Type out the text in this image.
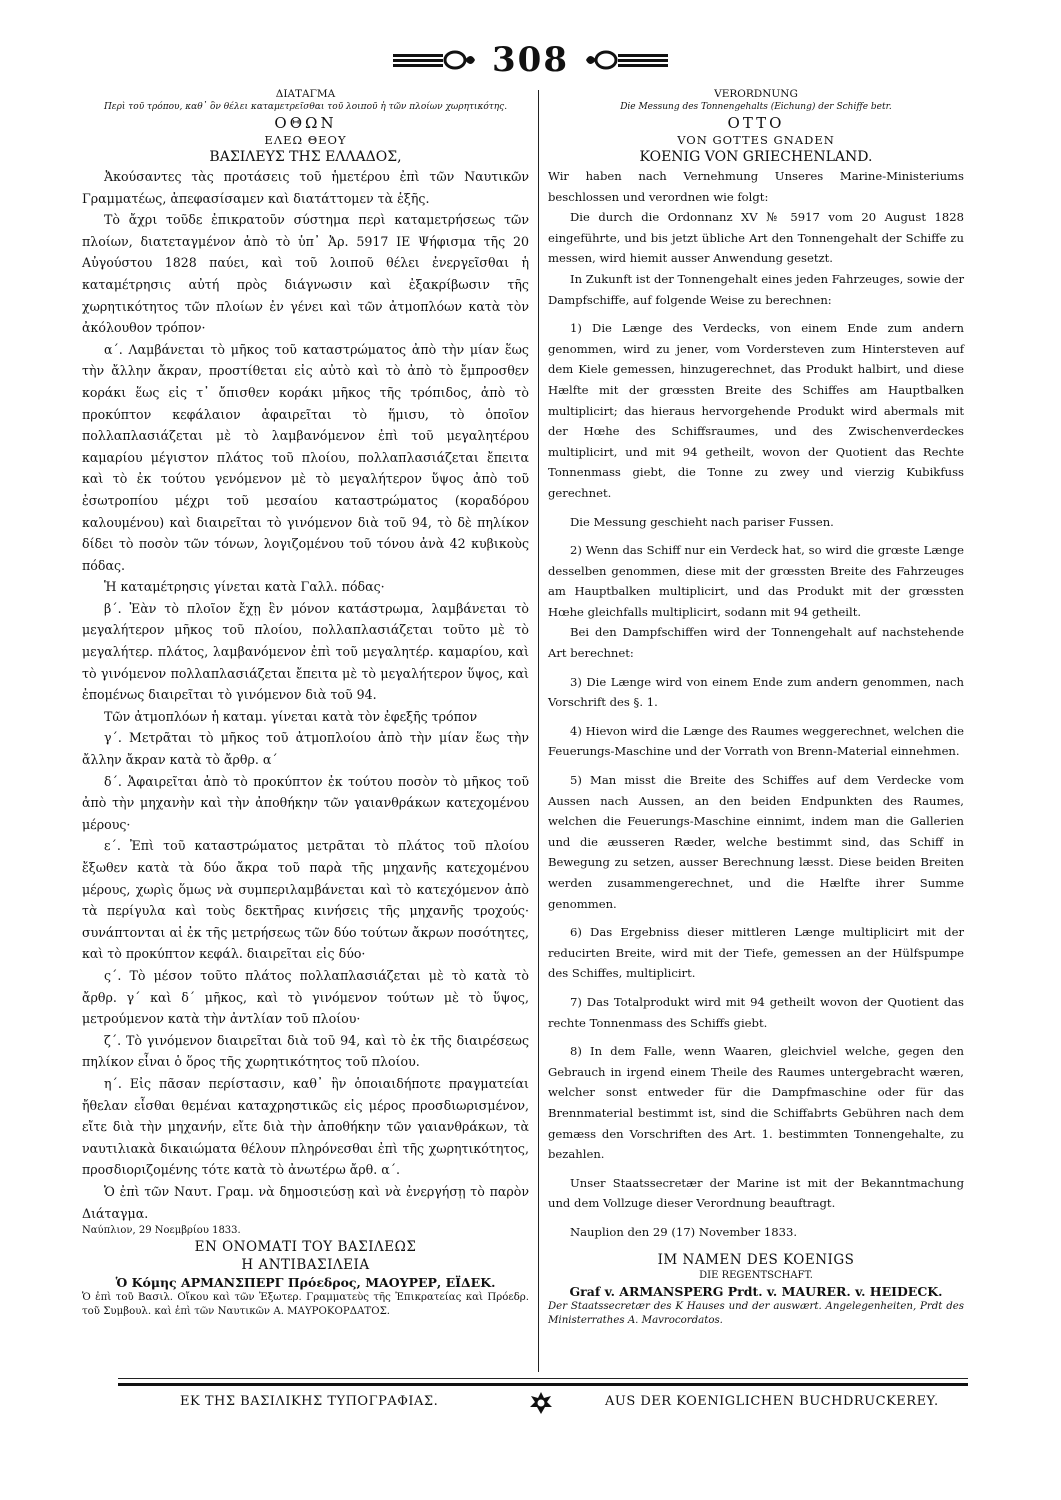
308

ΔΙΑΤΑΓΜΑ

Περὶ τοῦ τρόπου, καθ᾽ ὃν θέλει καταμετρεῖσθαι τοῦ λοιποῦ ἡ τῶν πλοίων χωρητικότης.

ΟΘΩΝ

ΕΛΕΩ ΘΕΟΥ

ΒΑΣΙΛΕΥΣ ΤΗΣ ΕΛΛΑΔΟΣ,

Ἀκούσαντες τὰς προτάσεις τοῦ ἡμετέρου ἐπὶ τῶν Ναυτικῶν Γραμματέως, ἀπεφασίσαμεν καὶ διατάττομεν τὰ ἑξῆς.

Τὸ ἄχρι τοῦδε ἐπικρατοῦν σύστημα περὶ καταμετρήσεως τῶν πλοίων, διατεταγμένον ἀπὸ τὸ ὑπ᾽ Ἀρ. 5917 ΙΕ Ψήφισμα τῆς 20 Αὐγούστου 1828 παύει, καὶ τοῦ λοιποῦ θέλει ἐνεργεῖσθαι ἡ καταμέτρησις αὐτή πρὸς διάγνωσιν καὶ ἐξακρίβωσιν τῆς χωρητικότητος τῶν πλοίων ἐν γένει καὶ τῶν ἀτμοπλόων κατὰ τὸν ἀκόλουθον τρόπον·

α΄. Λαμβάνεται τὸ μῆκος τοῦ καταστρώματος ἀπὸ τὴν μίαν ἕως τὴν ἄλλην ἄκραν, προστίθεται εἰς αὐτὸ καὶ τὸ ἀπὸ τὸ ἔμπροσθεν κοράκι ἕως εἰς τ᾽ ὄπισθεν κοράκι μῆκος τῆς τρόπιδος, ἀπὸ τὸ προκύπτον κεφάλαιον ἀφαιρεῖται τὸ ἥμισυ, τὸ ὁποῖον πολλαπλασιάζεται μὲ τὸ λαμβανόμενον ἐπὶ τοῦ μεγαλητέρου καμαρίου μέγιστον πλάτος τοῦ πλοίου, πολλαπλασιάζεται ἔπειτα καὶ τὸ ἐκ τούτου γενόμενον μὲ τὸ μεγαλήτερον ὕψος ἀπὸ τοῦ ἐσωτροπίου μέχρι τοῦ μεσαίου καταστρώματος (κοραδόρου καλουμένου) καὶ διαιρεῖται τὸ γινόμενον διὰ τοῦ 94, τὸ δὲ πηλίκον δίδει τὸ ποσὸν τῶν τόνων, λογιζομένου τοῦ τόνου ἀνὰ 42 κυβικοὺς πόδας.

Ἡ καταμέτρησις γίνεται κατὰ Γαλλ. πόδας·

β΄. Ἐὰν τὸ πλοῖον ἔχῃ ἓν μόνον κατάστρωμα, λαμβάνεται τὸ μεγαλήτερον μῆκος τοῦ πλοίου, πολλαπλασιάζεται τοῦτο μὲ τὸ μεγαλήτερ. πλάτος, λαμβανόμενον ἐπὶ τοῦ μεγαλητέρ. καμαρίου, καὶ τὸ γινόμενον πολλαπλασιάζεται ἔπειτα μὲ τὸ μεγαλήτερον ὕψος, καὶ ἐπομένως διαιρεῖται τὸ γινόμενον διὰ τοῦ 94.

Τῶν ἀτμοπλόων ἡ καταμ. γίνεται κατὰ τὸν ἐφεξῆς τρόπον

γ΄. Μετρᾶται τὸ μῆκος τοῦ ἀτμοπλοίου ἀπὸ τὴν μίαν ἕως τὴν ἄλλην ἄκραν κατὰ τὸ ἄρθρ. α΄

δ΄. Ἀφαιρεῖται ἀπὸ τὸ προκύπτον ἐκ τούτου ποσὸν τὸ μῆκος τοῦ ἀπὸ τὴν μηχανὴν καὶ τὴν ἀποθήκην τῶν γαιανθράκων κατεχομένου μέρους·

ε΄. Ἐπὶ τοῦ καταστρώματος μετρᾶται τὸ πλάτος τοῦ πλοίου ἔξωθεν κατὰ τὰ δύο ἄκρα τοῦ παρὰ τῆς μηχανῆς κατεχομένου μέρους, χωρὶς ὅμως νὰ συμπεριλαμβάνεται καὶ τὸ κατεχόμενον ἀπὸ τὰ περίγυλα καὶ τοὺς δεκτῆρας κινήσεις τῆς μηχανῆς τροχούς· συνάπτονται αἱ ἐκ τῆς μετρήσεως τῶν δύο τούτων ἄκρων ποσότητες, καὶ τὸ προκύπτον κεφάλ. διαιρεῖται εἰς δύο·

ς΄. Τὸ μέσον τοῦτο πλάτος πολλαπλασιάζεται μὲ τὸ κατὰ τὸ ἄρθρ. γ΄ καὶ δ΄ μῆκος, καὶ τὸ γινόμενον τούτων μὲ τὸ ὕψος, μετρούμενον κατὰ τὴν ἀντλίαν τοῦ πλοίου·

ζ΄. Τὸ γινόμενον διαιρεῖται διὰ τοῦ 94, καὶ τὸ ἐκ τῆς διαιρέσεως πηλίκον εἶναι ὁ ὅρος τῆς χωρητικότητος τοῦ πλοίου.

η΄. Εἰς πᾶσαν περίστασιν, καθ᾽ ἣν ὁποιαιδήποτε πραγματείαι ἤθελαν εἶσθαι θεμέναι καταχρηστικῶς εἰς μέρος προσδιωρισμένον, εἴτε διὰ τὴν μηχανήν, εἴτε διὰ τὴν ἀποθήκην τῶν γαιανθράκων, τὰ ναυτιλιακὰ δικαιώματα θέλουν πληρόνεσθαι ἐπὶ τῆς χωρητικότητος, προσδιοριζομένης τότε κατὰ τὸ ἀνωτέρω ἄρθ. α΄.

Ὁ ἐπὶ τῶν Ναυτ. Γραμ. νὰ δημοσιεύσῃ καὶ νὰ ἐνεργήσῃ τὸ παρὸν Διάταγμα.

Ναύπλιον, 29 Νοεμβρίου 1833.

ΕΝ ΟΝΟΜΑΤΙ ΤΟΥ ΒΑΣΙΛΕΩΣ

Η ΑΝΤΙΒΑΣΙΛΕΙΑ

Ὁ Κόμης ΑΡΜΑΝΣΠΕΡΓ Πρόεδρος, ΜΑΟΥΡΕΡ, ΕΪΔΕΚ.

Ὁ ἐπὶ τοῦ Βασιλ. Οἴκου καὶ τῶν Ἐξωτερ. Γραμματεὺς τῆς Ἐπικρατείας καὶ Πρόεδρ. τοῦ Συμβουλ. καὶ ἐπὶ τῶν Ναυτικῶν Α. ΜΑΥΡΟΚΟΡΔΑΤΟΣ.

VERORDNUNG

Die Messung des Tonnengehalts (Eichung) der Schiffe betr.

OTTO

VON GOTTES GNADEN

KOENIG VON GRIECHENLAND.

Wir haben nach Vernehmung Unseres Marine-Ministeriums beschlossen und verordnen wie folgt:

Die durch die Ordonnanz XV № 5917 vom 20 August 1828 eingeführte, und bis jetzt übliche Art den Tonnengehalt der Schiffe zu messen, wird hiemit ausser Anwendung gesetzt.

In Zukunft ist der Tonnengehalt eines jeden Fahrzeuges, sowie der Dampfschiffe, auf folgende Weise zu berechnen:

1) Die Længe des Verdecks, von einem Ende zum andern genommen, wird zu jener, vom Vordersteven zum Hintersteven auf dem Kiele gemessen, hinzugerechnet, das Produkt halbirt, und diese Hælfte mit der grœssten Breite des Schiffes am Hauptbalken multiplicirt; das hieraus hervorgehende Produkt wird abermals mit der Hœhe des Schiffsraumes, und des Zwischenverdeckes multiplicirt, und mit 94 getheilt, wovon der Quotient das Rechte Tonnenmass giebt, die Tonne zu zwey und vierzig Kubikfuss gerechnet.

Die Messung geschieht nach pariser Fussen.

2) Wenn das Schiff nur ein Verdeck hat, so wird die grœste Længe desselben genommen, diese mit der grœssten Breite des Fahrzeuges am Hauptbalken multiplicirt, und das Produkt mit der grœssten Hœhe gleichfalls multiplicirt, sodann mit 94 getheilt.

Bei den Dampfschiffen wird der Tonnengehalt auf nachstehende Art berechnet:

3) Die Længe wird von einem Ende zum andern genommen, nach Vorschrift des §. 1.

4) Hievon wird die Længe des Raumes weggerechnet, welchen die Feuerungs-Maschine und der Vorrath von Brenn-Material einnehmen.

5) Man misst die Breite des Schiffes auf dem Verdecke vom Aussen nach Aussen, an den beiden Endpunkten des Raumes, welchen die Feuerungs-Maschine einnimt, indem man die Gallerien und die æusseren Ræder, welche bestimmt sind, das Schiff in Bewegung zu setzen, ausser Berechnung læsst. Diese beiden Breiten werden zusammengerechnet, und die Hælfte ihrer Summe genommen.

6) Das Ergebniss dieser mittleren Længe multiplicirt mit der reducirten Breite, wird mit der Tiefe, gemessen an der Hülfspumpe des Schiffes, multiplicirt.

7) Das Totalprodukt wird mit 94 getheilt wovon der Quotient das rechte Tonnenmass des Schiffs giebt.

8) In dem Falle, wenn Waaren, gleichviel welche, gegen den Gebrauch in irgend einem Theile des Raumes untergebracht wæren, welcher sonst entweder für die Dampfmaschine oder für das Brennmaterial bestimmt ist, sind die Schiffabrts Gebühren nach dem gemæss den Vorschriften des Art. 1. bestimmten Tonnengehalte, zu bezahlen.

Unser Staatssecretær der Marine ist mit der Bekanntmachung und dem Vollzuge dieser Verordnung beauftragt.

Nauplion den 29 (17) November 1833.

IM NAMEN DES KOENIGS

DIE REGENTSCHAFT.

Graf v. ARMANSPERG Prdt. v. MAURER. v. HEIDECK.

Der Staatssecretær des K Hauses und der auswært. Angelegenheiten, Prdt des Ministerrathes A. Mavrocordatos.

ΕΚ ΤΗΣ ΒΑΣΙΛΙΚΗΣ ΤΥΠΟΓΡΑΦΙΑΣ.	AUS DER KOENIGLICHEN BUCHDRUCKEREY.
